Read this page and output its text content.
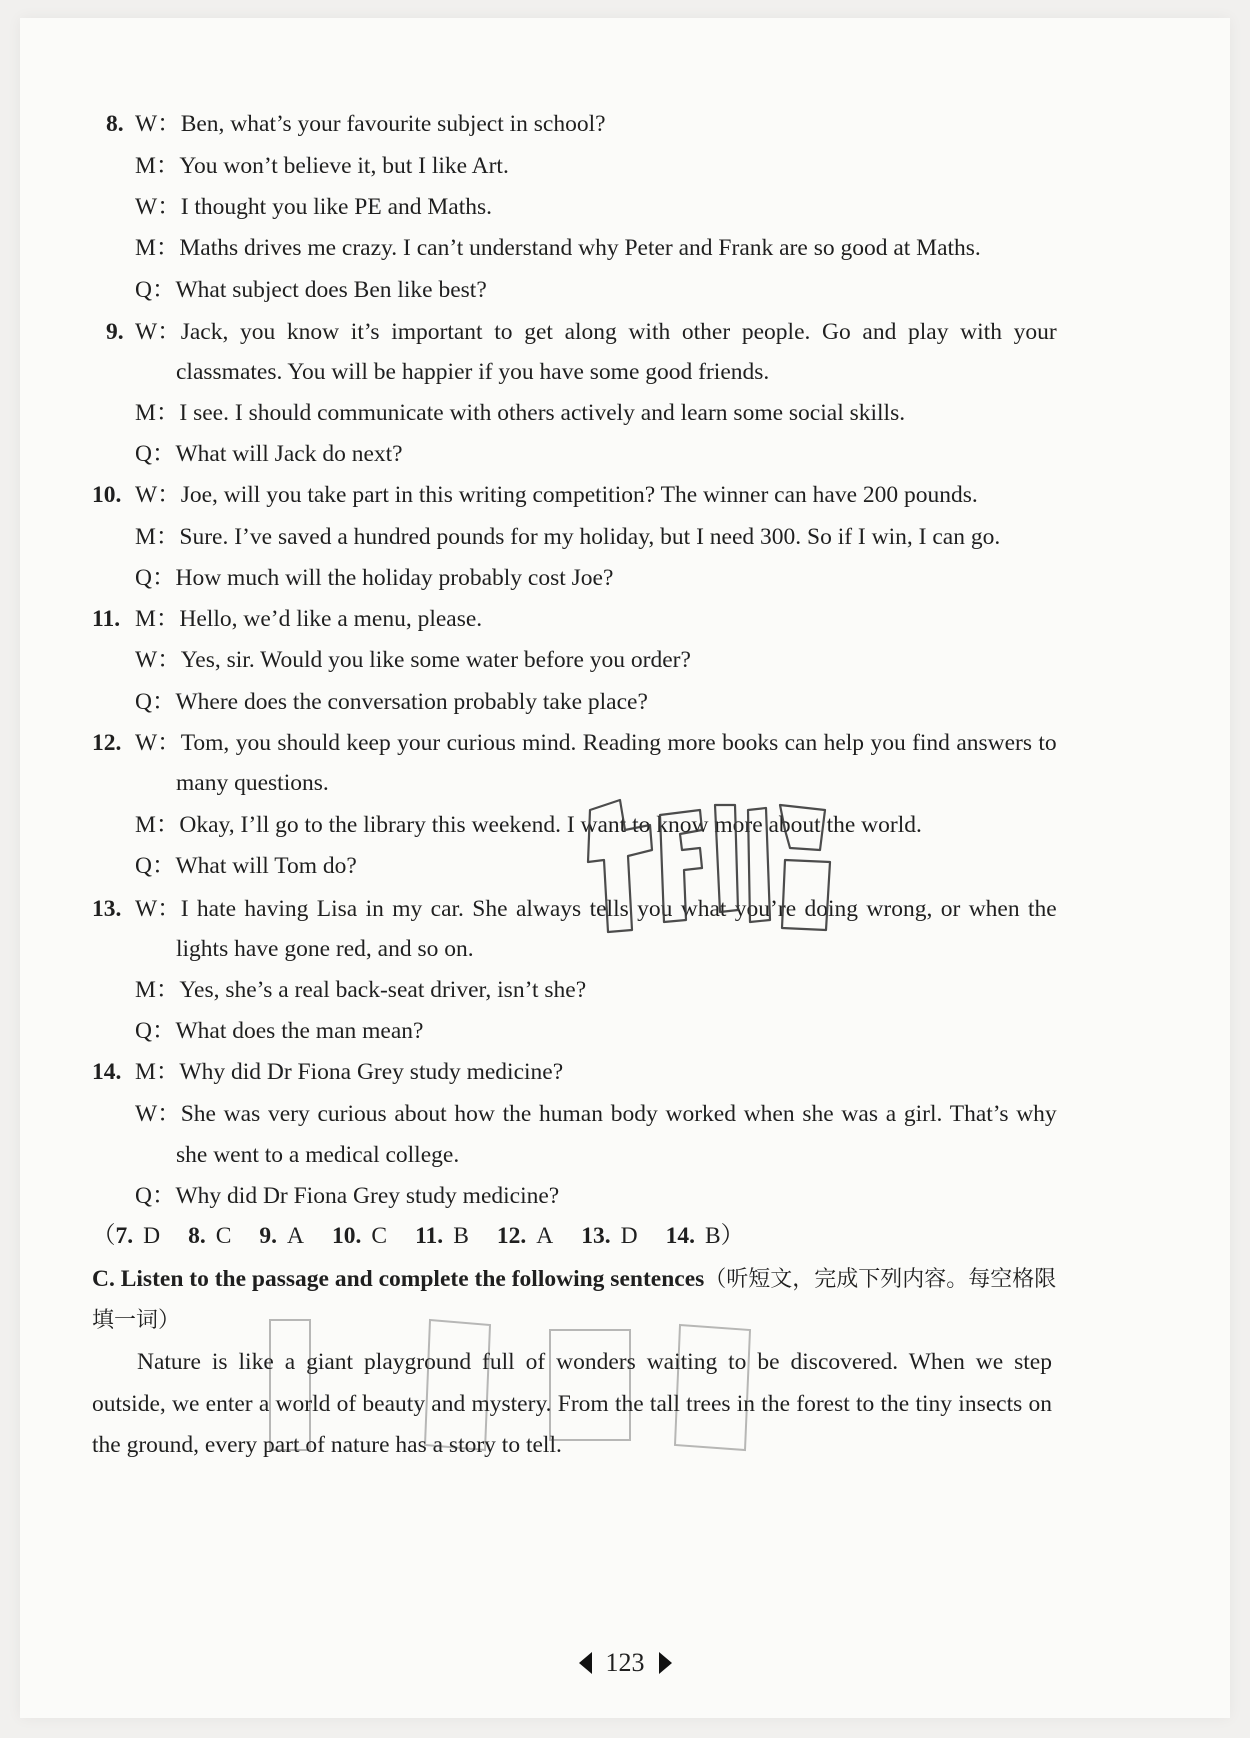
8. W：Ben, what’s your favourite subject in school?
M：You won’t believe it, but I like Art.
W：I thought you like PE and Maths.
M：Maths drives me crazy. I can’t understand why Peter and Frank are so good at Maths.
Q：What subject does Ben like best?
9. W：Jack, you know it’s important to get along with other people. Go and play with your
classmates. You will be happier if you have some good friends.
M：I see. I should communicate with others actively and learn some social skills.
Q：What will Jack do next?
10. W：Joe, will you take part in this writing competition? The winner can have 200 pounds.
M：Sure. I’ve saved a hundred pounds for my holiday, but I need 300. So if I win, I can go.
Q：How much will the holiday probably cost Joe?
11. M：Hello, we’d like a menu, please.
W：Yes, sir. Would you like some water before you order?
Q：Where does the conversation probably take place?
12. W：Tom, you should keep your curious mind. Reading more books can help you find answers to
many questions.
M：Okay, I’ll go to the library this weekend. I want to know more about the world.
Q：What will Tom do?
13. W：I hate having Lisa in my car. She always tells you what you’re doing wrong, or when the
lights have gone red, and so on.
M：Yes, she’s a real back-seat driver, isn’t she?
Q：What does the man mean?
14. M：Why did Dr Fiona Grey study medicine?
W：She was very curious about how the human body worked when she was a girl. That’s why
she went to a medical college.
Q：Why did Dr Fiona Grey study medicine?
（7. D 8. C 9. A 10. C 11. B 12. A 13. D 14. B）
C. Listen to the passage and complete the following sentences（听短文，完成下列内容。每空格限
填一词）
Nature is like a giant playground full of wonders waiting to be discovered. When we step
outside, we enter a world of beauty and mystery. From the tall trees in the forest to the tiny insects on
the ground, every part of nature has a story to tell.
123
